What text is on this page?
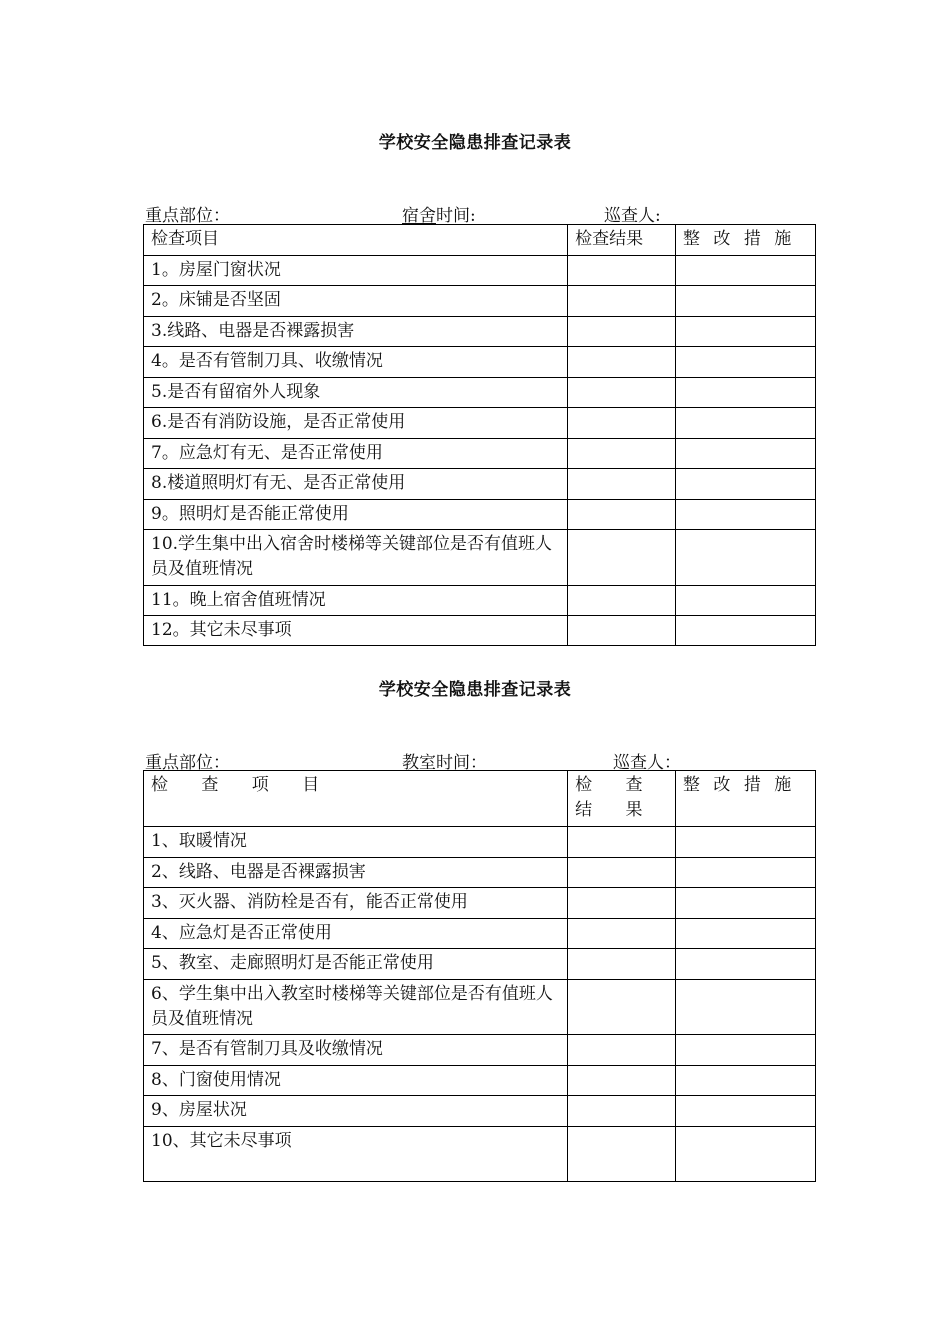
学校安全隐患排查记录表
重点部位：	宿舍时间:	巡查人:
检查项目	检查结果	整 改 措 施
1。房屋门窗状况		
2。床铺是否坚固		
3.线路、电器是否裸露损害		
4。是否有管制刀具、收缴情况		
5.是否有留宿外人现象		
6.是否有消防设施，是否正常使用		
7。应急灯有无、是否正常使用		
8.楼道照明灯有无、是否正常使用		
9。照明灯是否能正常使用		
10.学生集中出入宿舍时楼梯等关键部位是否有值班人员及值班情况		
11。晚上宿舍值班情况		
12。其它未尽事项		
学校安全隐患排查记录表
重点部位：	教室时间：	巡查人：
检 查 项 目	检 查 结 果	整 改 措 施
1、取暖情况		
2、线路、电器是否裸露损害		
3、灭火器、消防栓是否有，能否正常使用		
4、应急灯是否正常使用		
5、教室、走廊照明灯是否能正常使用		
6、学生集中出入教室时楼梯等关键部位是否有值班人员及值班情况		
7、是否有管制刀具及收缴情况		
8、门窗使用情况		
9、房屋状况		
10、其它未尽事项		
